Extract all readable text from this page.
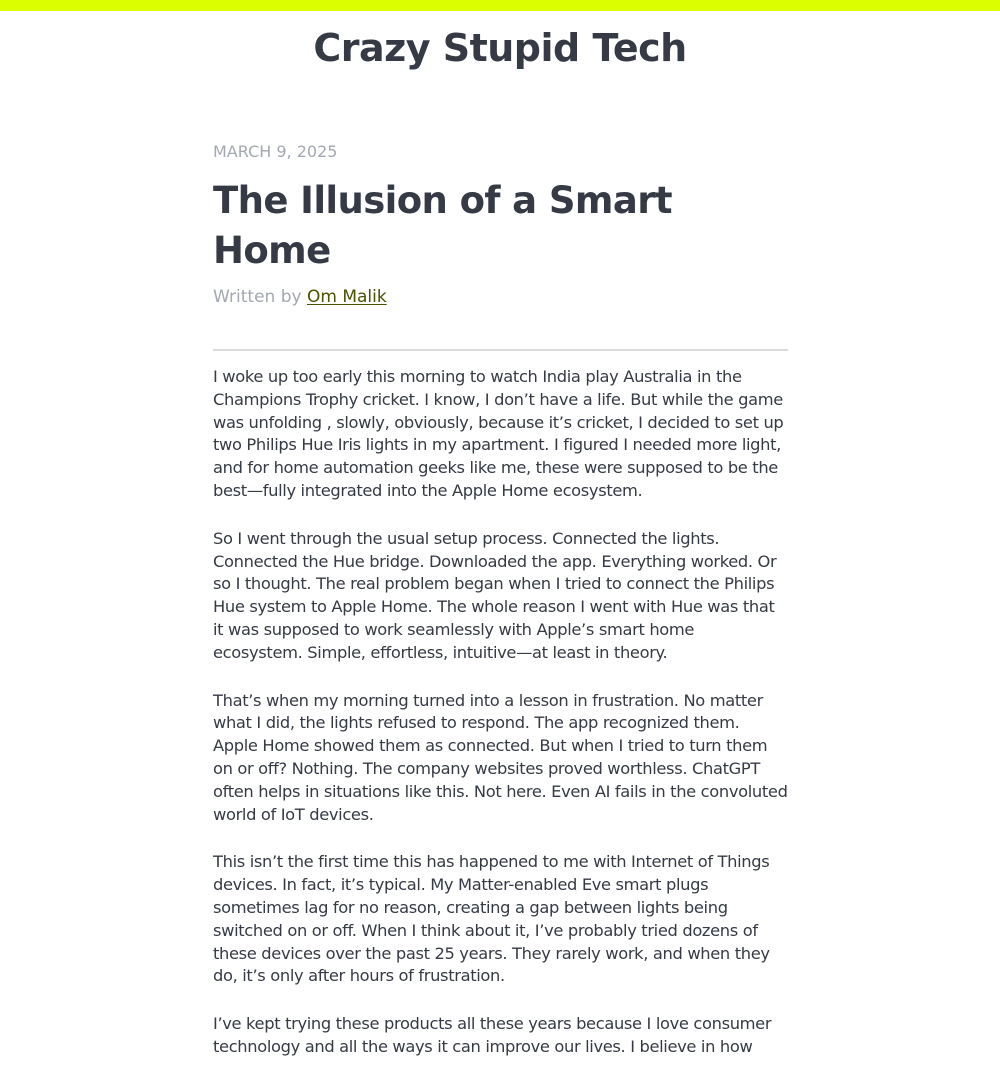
Crazy Stupid Tech

MARCH 9, 2025

The Illusion of a Smart Home

Written by Om Malik

I woke up too early this morning to watch India play Australia in the Champions Trophy cricket. I know, I don’t have a life. But while the game was unfolding , slowly, obviously, because it’s cricket, I decided to set up two Philips Hue Iris lights in my apartment. I figured I needed more light, and for home automation geeks like me, these were supposed to be the best—fully integrated into the Apple Home ecosystem.

So I went through the usual setup process. Connected the lights. Connected the Hue bridge. Downloaded the app. Everything worked. Or so I thought. The real problem began when I tried to connect the Philips Hue system to Apple Home. The whole reason I went with Hue was that it was supposed to work seamlessly with Apple’s smart home ecosystem. Simple, effortless, intuitive—at least in theory.

That’s when my morning turned into a lesson in frustration. No matter what I did, the lights refused to respond. The app recognized them. Apple Home showed them as connected. But when I tried to turn them on or off? Nothing. The company websites proved worthless. ChatGPT often helps in situations like this. Not here. Even AI fails in the convoluted world of IoT devices.

This isn’t the first time this has happened to me with Internet of Things devices. In fact, it’s typical. My Matter-enabled Eve smart plugs sometimes lag for no reason, creating a gap between lights being switched on or off. When I think about it, I’ve probably tried dozens of these devices over the past 25 years. They rarely work, and when they do, it’s only after hours of frustration.

I’ve kept trying these products all these years because I love consumer technology and all the ways it can improve our lives. I believe in how
